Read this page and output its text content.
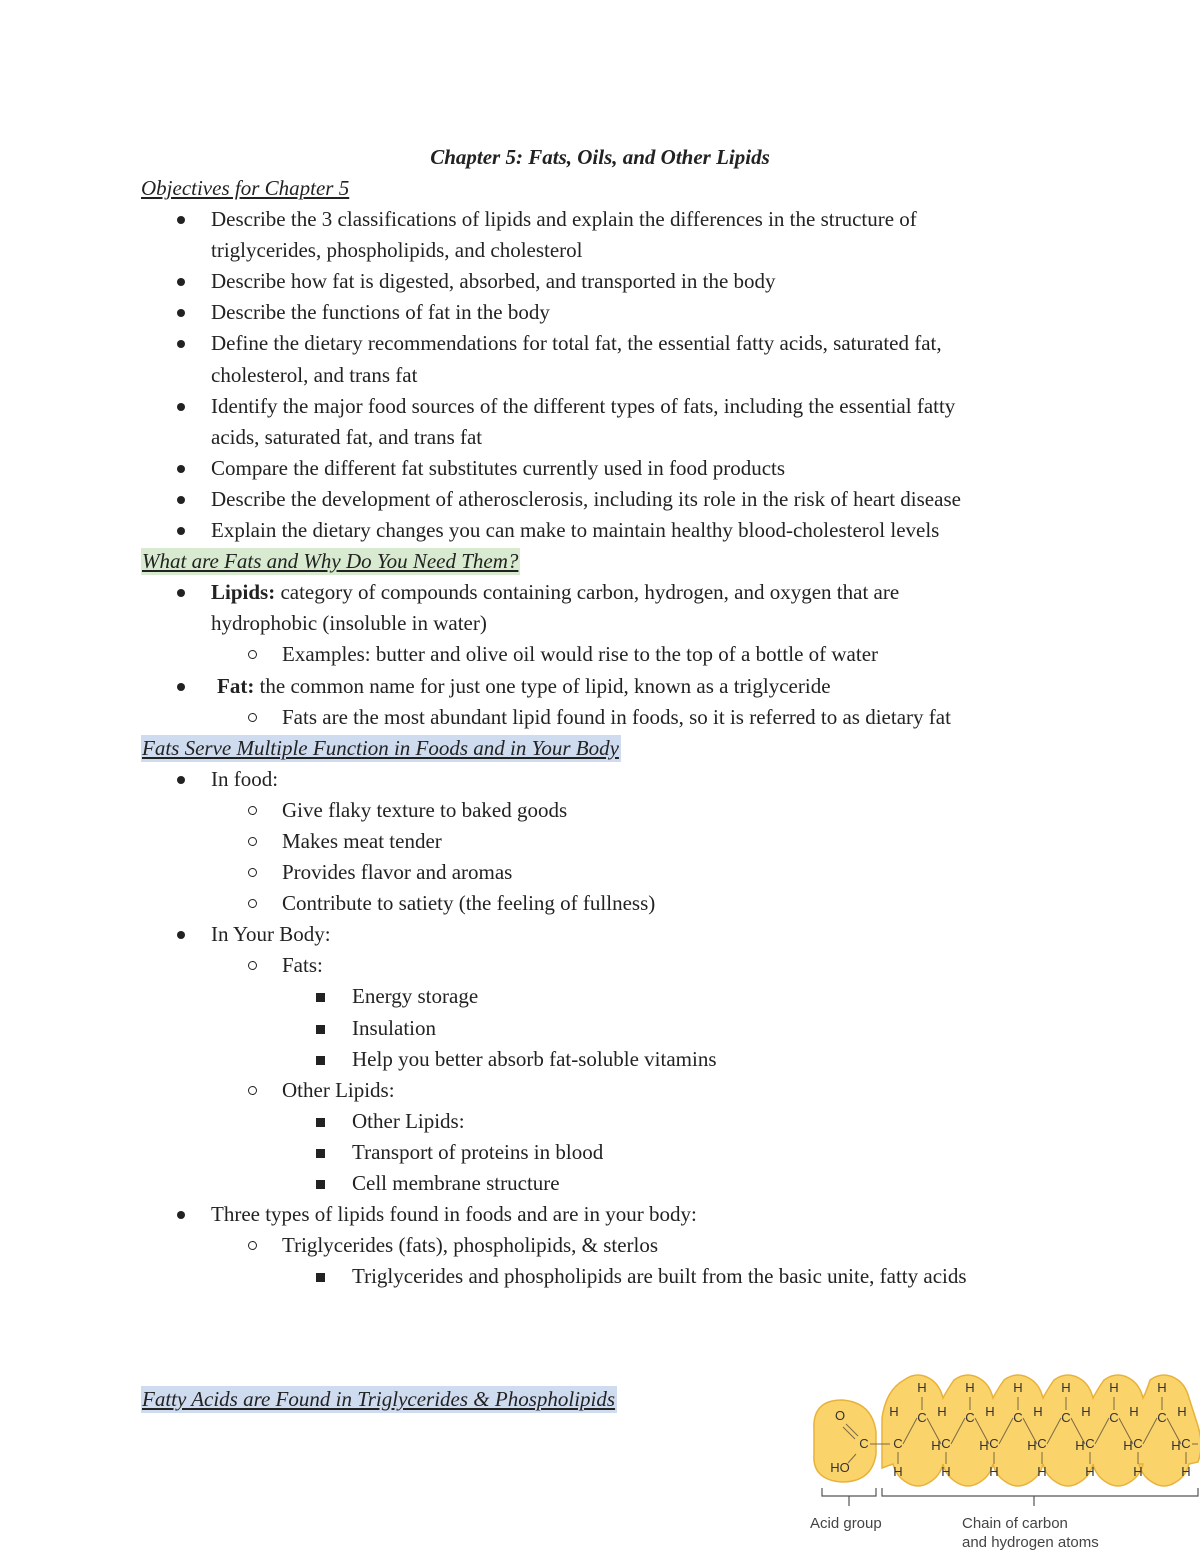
Chapter 5: Fats, Oils, and Other Lipids
Objectives for Chapter 5
Describe the 3 classifications of lipids and explain the differences in the structure of
triglycerides, phospholipids, and cholesterol
Describe how fat is digested, absorbed, and transported in the body
Describe the functions of fat in the body
Define the dietary recommendations for total fat, the essential fatty acids, saturated fat,
cholesterol, and trans fat
Identify the major food sources of the different types of fats, including the essential fatty
acids, saturated fat, and trans fat
Compare the different fat substitutes currently used in food products
Describe the development of atherosclerosis, including its role in the risk of heart disease
Explain the dietary changes you can make to maintain healthy blood-cholesterol levels
What are Fats and Why Do You Need Them?
Lipids: category of compounds containing carbon, hydrogen, and oxygen that are
hydrophobic (insoluble in water)
Examples: butter and olive oil would rise to the top of a bottle of water
Fat: the common name for just one type of lipid, known as a triglyceride
Fats are the most abundant lipid found in foods, so it is referred to as dietary fat
Fats Serve Multiple Function in Foods and in Your Body
In food:
Give flaky texture to baked goods
Makes meat tender
Provides flavor and aromas
Contribute to satiety (the feeling of fullness)
In Your Body:
Fats:
Energy storage
Insulation
Help you better absorb fat-soluble vitamins
Other Lipids:
Other Lipids:
Transport of proteins in blood
Cell membrane structure
Three types of lipids found in foods and are in your body:
Triglycerides (fats), phospholipids, & sterlos
Triglycerides and phospholipids are built from the basic unite, fatty acids
Fatty Acids are Found in Triglycerides & Phospholipids
O
C
HO
C
H
H C
H
H C
H
H C
H
H C
H
H C
H
H C
H
H C
H
H C
H
H C
H
H C
H
H C
H
H C
H
H
Acid group	Chain of carbon
and hydrogen atoms
